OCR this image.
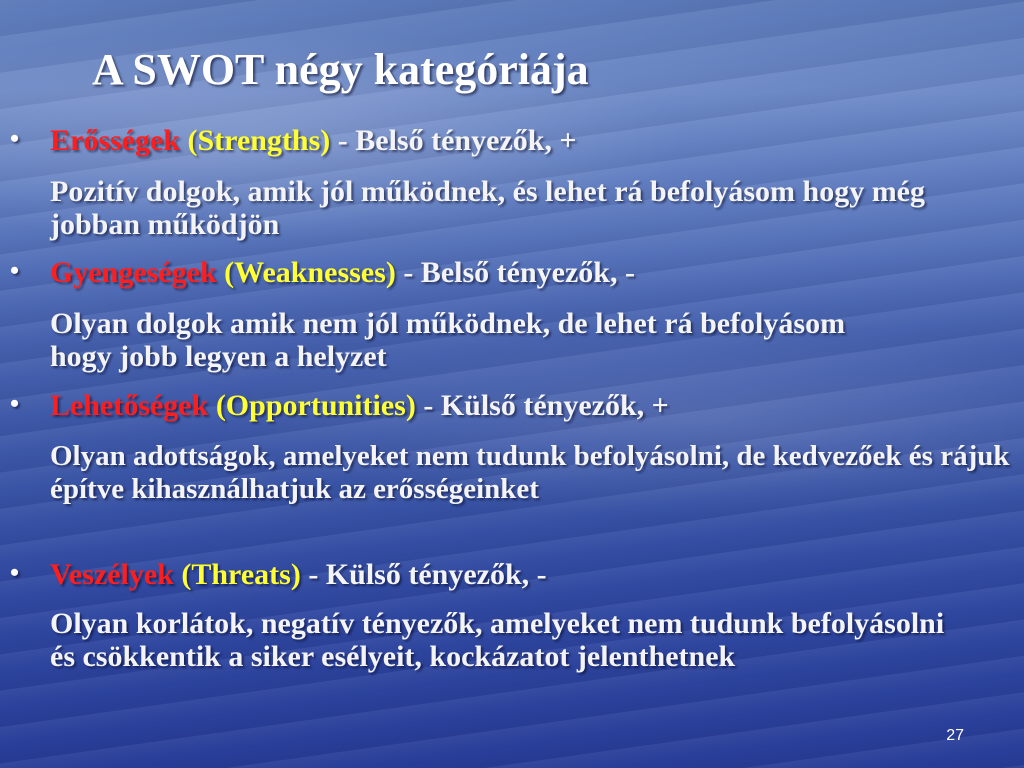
A SWOT négy kategóriája
• Erősségek (Strengths) - Belső tényezők, +
Pozitív dolgok, amik jól működnek, és lehet rá befolyásom hogy még jobban működjön
• Gyengeségek (Weaknesses) - Belső tényezők, -
Olyan dolgok amik nem jól működnek, de lehet rá befolyásom hogy jobb legyen a helyzet
• Lehetőségek (Opportunities) - Külső tényezők, +
Olyan adottságok, amelyeket nem tudunk befolyásolni, de kedvezőek és rájuk építve kihasználhatjuk az erősségeinket
• Veszélyek (Threats) - Külső tényezők, -
Olyan korlátok, negatív tényezők, amelyeket nem tudunk befolyásolni és csökkentik a siker esélyeit, kockázatot jelenthetnek
27
